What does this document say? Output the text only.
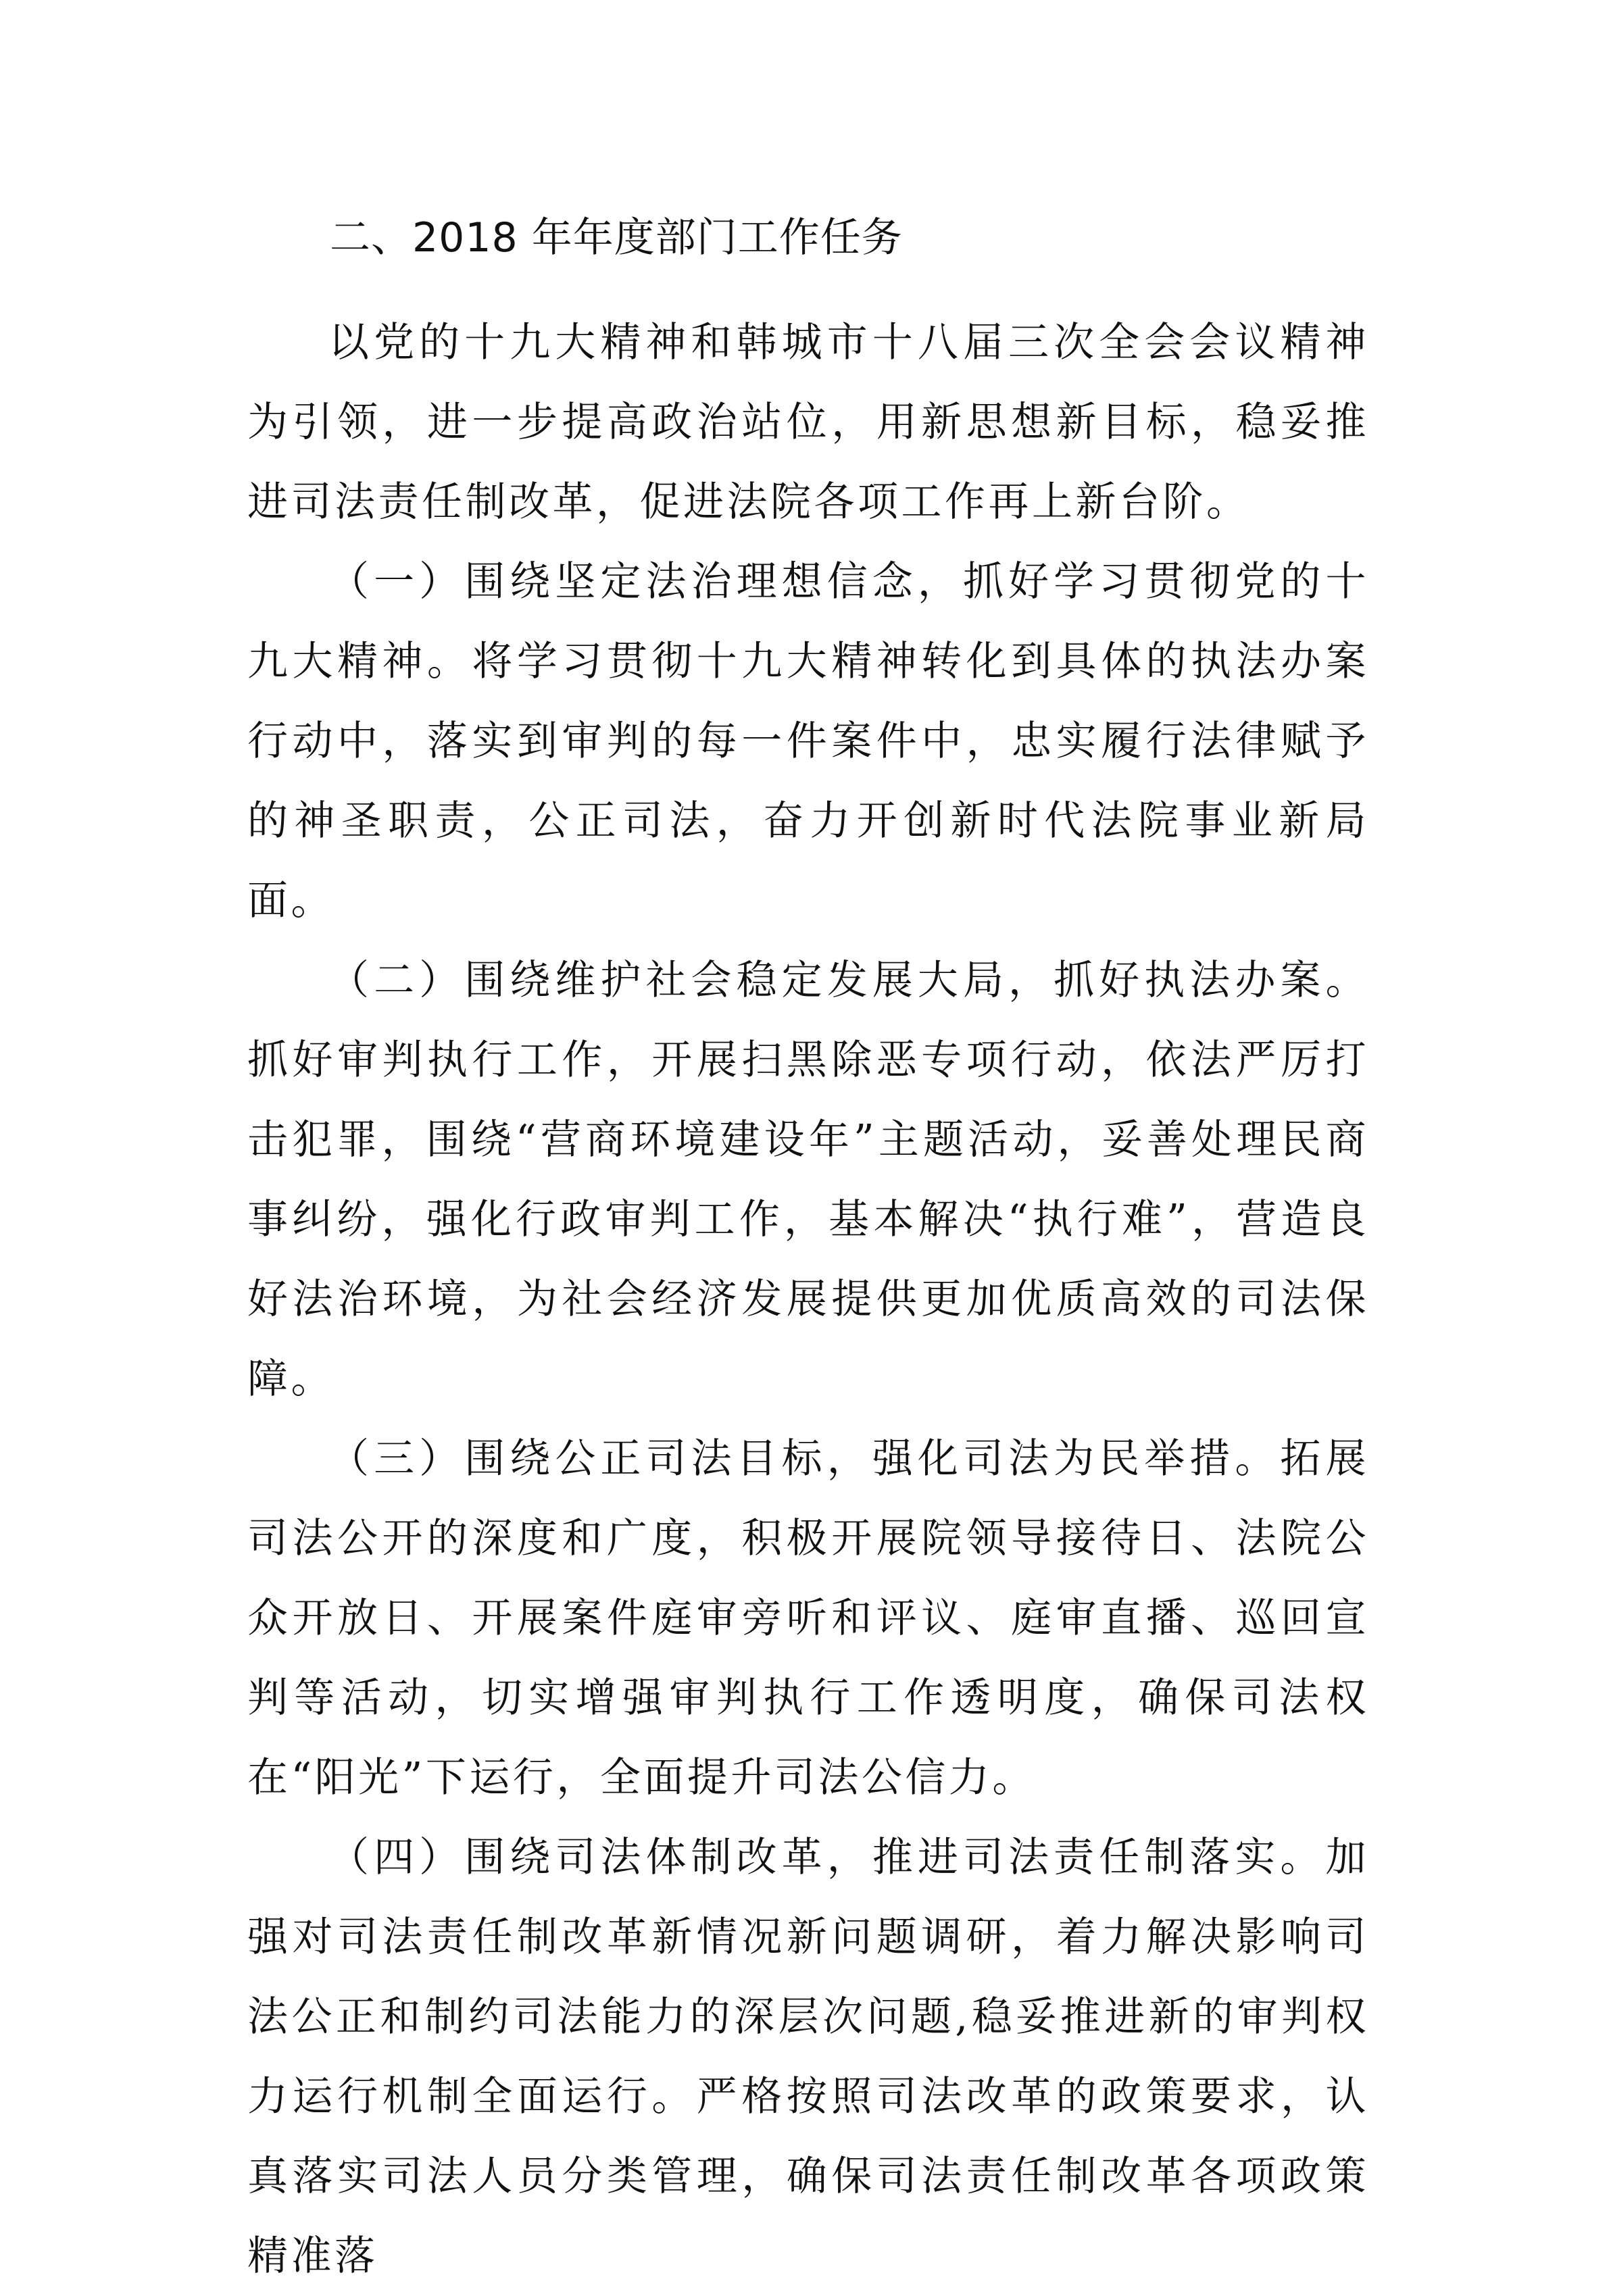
二、2018 年年度部门工作任务

以党的十九大精神和韩城市十八届三次全会会议精神为引领，进一步提高政治站位，用新思想新目标，稳妥推进司法责任制改革，促进法院各项工作再上新台阶。

（一）围绕坚定法治理想信念，抓好学习贯彻党的十九大精神。将学习贯彻十九大精神转化到具体的执法办案行动中，落实到审判的每一件案件中，忠实履行法律赋予的神圣职责，公正司法，奋力开创新时代法院事业新局面。

（二）围绕维护社会稳定发展大局，抓好执法办案。抓好审判执行工作，开展扫黑除恶专项行动，依法严厉打击犯罪，围绕“营商环境建设年”主题活动，妥善处理民商事纠纷，强化行政审判工作，基本解决“执行难”，营造良好法治环境，为社会经济发展提供更加优质高效的司法保障。

（三）围绕公正司法目标，强化司法为民举措。拓展司法公开的深度和广度，积极开展院领导接待日、法院公众开放日、开展案件庭审旁听和评议、庭审直播、巡回宣判等活动，切实增强审判执行工作透明度，确保司法权在“阳光”下运行，全面提升司法公信力。

（四）围绕司法体制改革，推进司法责任制落实。加强对司法责任制改革新情况新问题调研，着力解决影响司法公正和制约司法能力的深层次问题,稳妥推进新的审判权力运行机制全面运行。严格按照司法改革的政策要求，认真落实司法人员分类管理，确保司法责任制改革各项政策精准落
